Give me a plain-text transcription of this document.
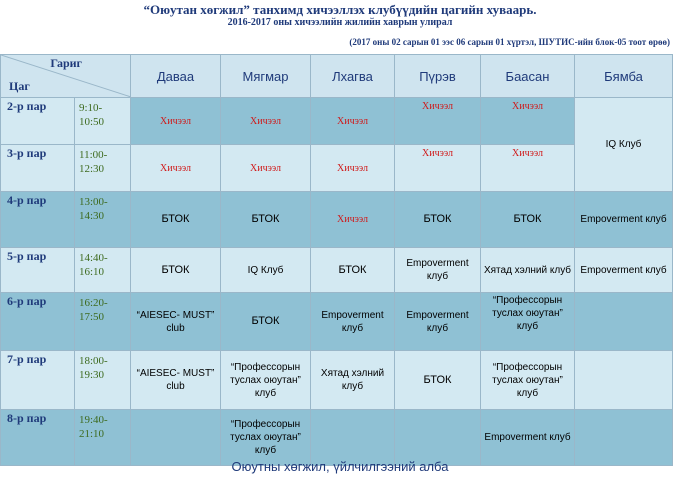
“Оюутан хөгжил” танхимд хичээллэх клубүүдийн цагийн хуваарь.
2016-2017 оны хичээлийн жилийн хаврын улирал
(2017 оны 02 сарын 01 ээс 06 сарын 01 хүртэл, ШУТИС-ийн блок-05 тоот өрөө)
Гариг
Цаг		Даваа	Мягмар	Лхагва	Пүрэв	Баасан	Бямба
2-р пар	9:10- 10:50	Хичээл	Хичээл	Хичээл	Хичээл	Хичээл	IQ Клуб
3-р пар	11:00- 12:30	Хичээл	Хичээл	Хичээл	Хичээл	Хичээл	
4-р пар	13:00- 14:30	БТОК	БТОК	Хичээл	БТОК	БТОК	Empoverment клуб
5-р пар	14:40- 16:10	БТОК	IQ Клуб	БТОК	Empoverment клуб	Хятад хэлний клуб	Empoverment клуб
6-р пар	16:20- 17:50	“AIESEC- MUST” club	БТОК	Empoverment клуб	Empoverment клуб	“Профессорын туслах оюутан” клуб	
7-р пар	18:00- 19:30	“AIESEC- MUST” club	“Профессорын туслах оюутан” клуб	Хятад хэлний клуб	БТОК	“Профессорын туслах оюутан” клуб	
8-р пар	19:40- 21:10		“Профессорын туслах оюутан” клуб			Empoverment клуб	
Оюутны хөгжил, үйлчилгээний алба
